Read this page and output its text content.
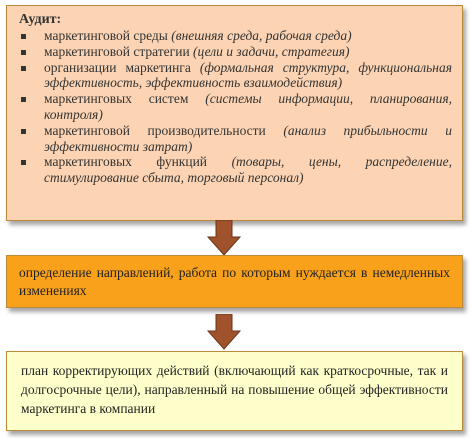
Аудит:
маркетинговой среды (внешняя среда, рабочая среда)
маркетинговой стратегии (цели и задачи, стратегия)
организации маркетинга (формальная структура, функциональная эффективность, эффективность взаимодействия)
маркетинговых систем (системы информации, планирования, контроля)
маркетинговой производительности (анализ прибыльности и эффективности затрат)
маркетинговых функций (товары, цены, распределение, стимулирование сбыта, торговый персонал)
определение направлений, работа по которым нуждается в немедленных изменениях
план корректирующих действий (включающий как краткосрочные, так и долгосрочные цели), направленный на повышение общей эффективности маркетинга в компании
